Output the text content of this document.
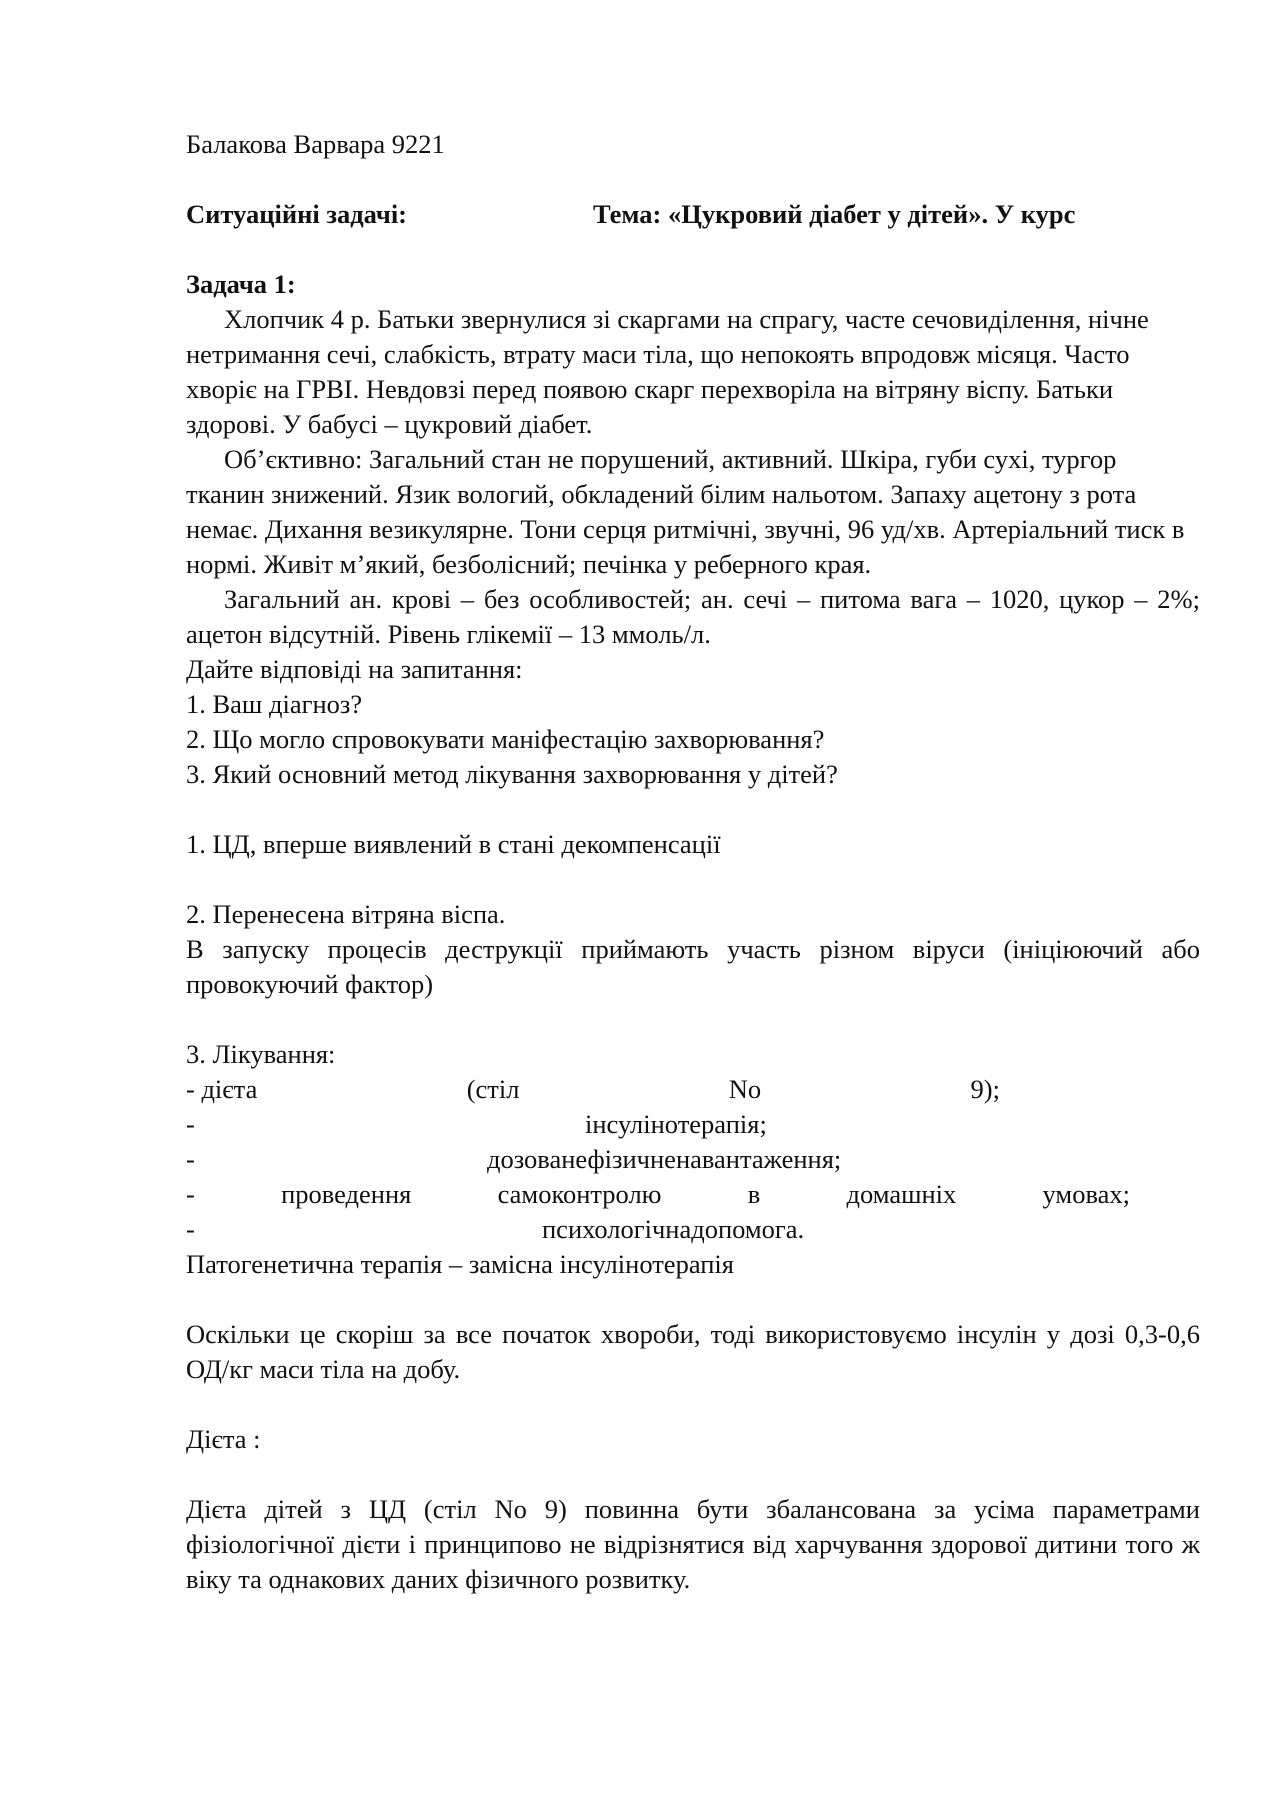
Балакова Варвара 9221

Ситуаційні задачі:	Тема: «Цукровий діабет у дітей». У курс

Задача 1:

Хлопчик 4 р. Батьки звернулися зі скаргами на спрагу, часте сечовиділення, нічне нетримання сечі, слабкість, втрату маси тіла, що непокоять впродовж місяця. Часто хворіє на ГРВІ. Невдовзі перед появою скарг перехворіла на вітряну віспу. Батьки здорові. У бабусі – цукровий діабет.

Об’єктивно: Загальний стан не порушений, активний. Шкіра, губи сухі, тургор тканин знижений. Язик вологий, обкладений білим нальотом. Запаху ацетону з рота немає. Дихання везикулярне. Тони серця ритмічні, звучні, 96 уд/хв. Артеріальний тиск в нормі. Живіт м’який, безболісний; печінка у реберного края.

Загальний ан. крові – без особливостей; ан. сечі – питома вага – 1020, цукор – 2%; ацетон відсутній. Рівень глікемії – 13 ммоль/л.

Дайте відповіді на запитання:

1. Ваш діагноз?

2. Що могло спровокувати маніфестацію захворювання?

3. Який основний метод лікування захворювання у дітей?

1. ЦД, вперше виявлений в стані декомпенсації

2. Перенесена вітряна віспа.

В запуску процесів деструкції приймають участь різном віруси (ініціюючий або провокуючий фактор)

3. Лікування:

- дієта	(стіл	No	9);
-	інсулінотерапія;
-	дозованефізичненавантаження;
-	проведення	самоконтролю	в	домашніх	умовах;
-	психологічнадопомога.

Патогенетична терапія – замісна інсулінотерапія

Оскільки це скоріш за все початок хвороби, тоді використовуємо інсулін у дозі 0,3-0,6 ОД/кг маси тіла на добу.

Дієта :

Дієта дітей з ЦД (стіл No 9) повинна бути збалансована за усіма параметрами фізіологічної дієти і принципово не відрізнятися від харчування здорової дитини того ж віку та однакових даних фізичного розвитку.
